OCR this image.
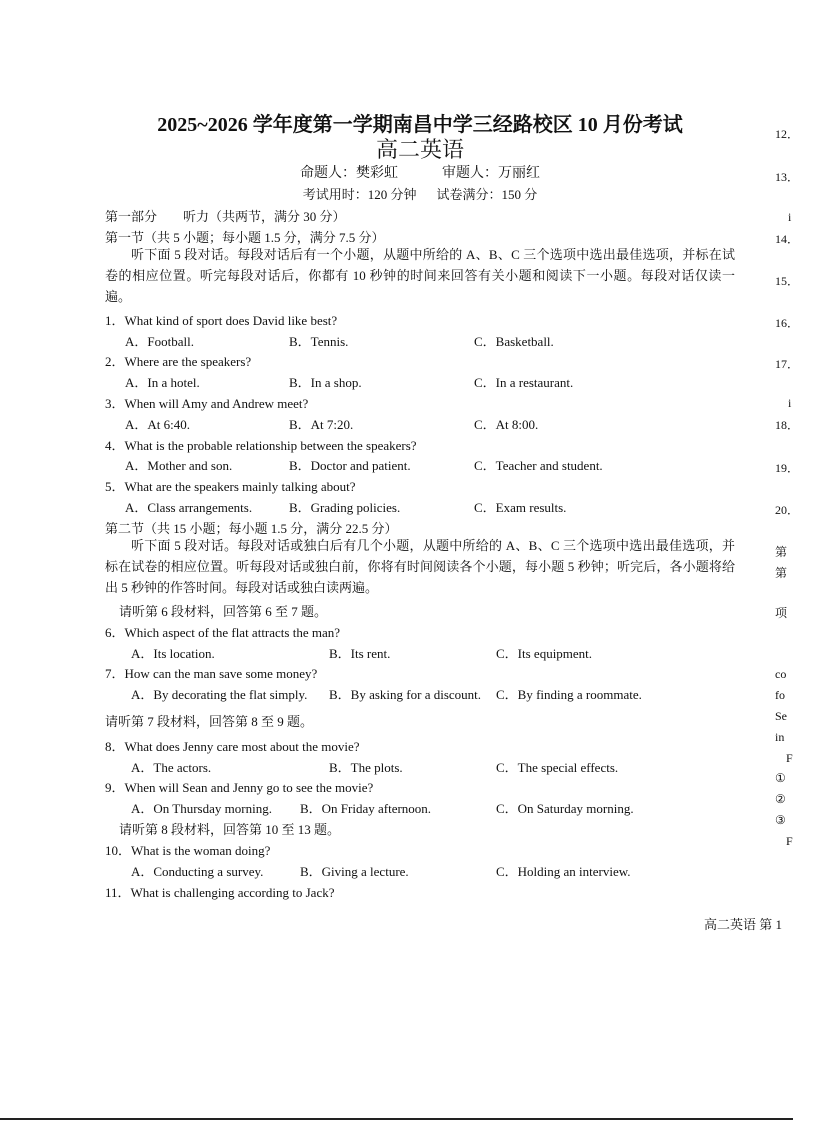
2025~2026 学年度第一学期南昌中学三经路校区 10 月份考试
高二英语
命题人：樊彩虹	审题人：万丽红
考试用时：120 分钟 试卷满分：150 分
第一部分　　听力（共两节，满分 30 分）
第一节（共 5 小题；每小题 1.5 分，满分 7.5 分）
听下面 5 段对话。每段对话后有一个小题，从题中所给的 A、B、C 三个选项中选出最佳选项，并标在试卷的相应位置。听完每段对话后，你都有 10 秒钟的时间来回答有关小题和阅读下一小题。每段对话仅读一遍。
1．What kind of sport does David like best?
A．Football.	B．Tennis.	C．Basketball.
2．Where are the speakers?
A．In a hotel.	B．In a shop.	C．In a restaurant.
3．When will Amy and Andrew meet?
A．At 6:40.	B．At 7:20.	C．At 8:00.
4．What is the probable relationship between the speakers?
A．Mother and son.	B．Doctor and patient.	C．Teacher and student.
5．What are the speakers mainly talking about?
A．Class arrangements.	B．Grading policies.	C．Exam results.
第二节（共 15 小题；每小题 1.5 分，满分 22.5 分）
听下面 5 段对话。每段对话或独白后有几个小题，从题中所给的 A、B、C 三个选项中选出最佳选项，并标在试卷的相应位置。听每段对话或独白前，你将有时间阅读各个小题，每小题 5 秒钟；听完后，各小题将给出 5 秒钟的作答时间。每段对话或独白读两遍。
请听第 6 段材料，回答第 6 至 7 题。
6．Which aspect of the flat attracts the man?
A．Its location.	B．Its rent.	C．Its equipment.
7．How can the man save some money?
A．By decorating the flat simply. B．By asking for a discount. C．By finding a roommate.
请听第 7 段材料，回答第 8 至 9 题。
8．What does Jenny care most about the movie?
A．The actors.	B．The plots.	C．The special effects.
9．When will Sean and Jenny go to see the movie?
A．On Thursday morning. B．On Friday afternoon.	C．On Saturday morning.
请听第 8 段材料，回答第 10 至 13 题。
10．What is the woman doing?
A．Conducting a survey.	B．Giving a lecture.	C．Holding an interview.
11．What is challenging according to Jack?
高二英语 第 1
12．
13．
i
14．
15．
16．
17．
i
18．
19．
20．
第
第
项
co
fo
Se
in
F
①
②
③
F
